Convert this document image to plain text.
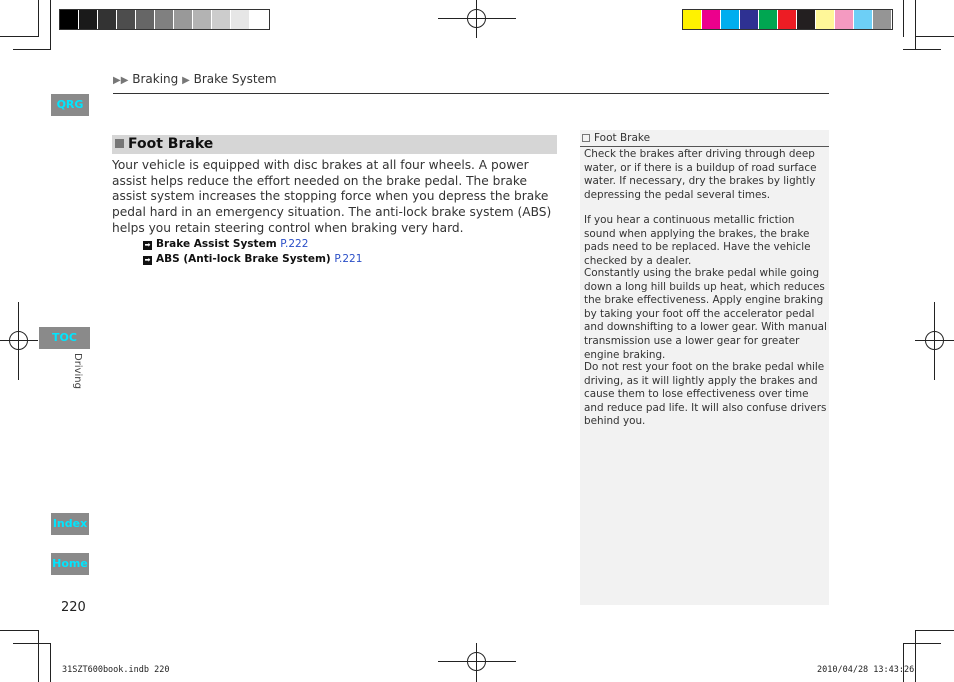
▶▶ Braking ▶ Brake System
QRG
TOC
Driving
Index
Home
Foot Brake
Your vehicle is equipped with disc brakes at all four wheels. A power assist helps reduce the effort needed on the brake pedal. The brake assist system increases the stopping force when you depress the brake pedal hard in an emergency situation. The anti-lock brake system (ABS) helps you retain steering control when braking very hard.
➡ Brake Assist System P.222
➡ ABS (Anti-lock Brake System) P.221
Foot Brake

Check the brakes after driving through deep water, or if there is a buildup of road surface water. If necessary, dry the brakes by lightly depressing the pedal several times.

If you hear a continuous metallic friction sound when applying the brakes, the brake pads need to be replaced. Have the vehicle checked by a dealer.

Constantly using the brake pedal while going down a long hill builds up heat, which reduces the brake effectiveness. Apply engine braking by taking your foot off the accelerator pedal and downshifting to a lower gear. With manual transmission use a lower gear for greater engine braking.

Do not rest your foot on the brake pedal while driving, as it will lightly apply the brakes and cause them to lose effectiveness over time and reduce pad life. It will also confuse drivers behind you.

220
31SZT600book.indb 220	2010/04/28 13:43:26
